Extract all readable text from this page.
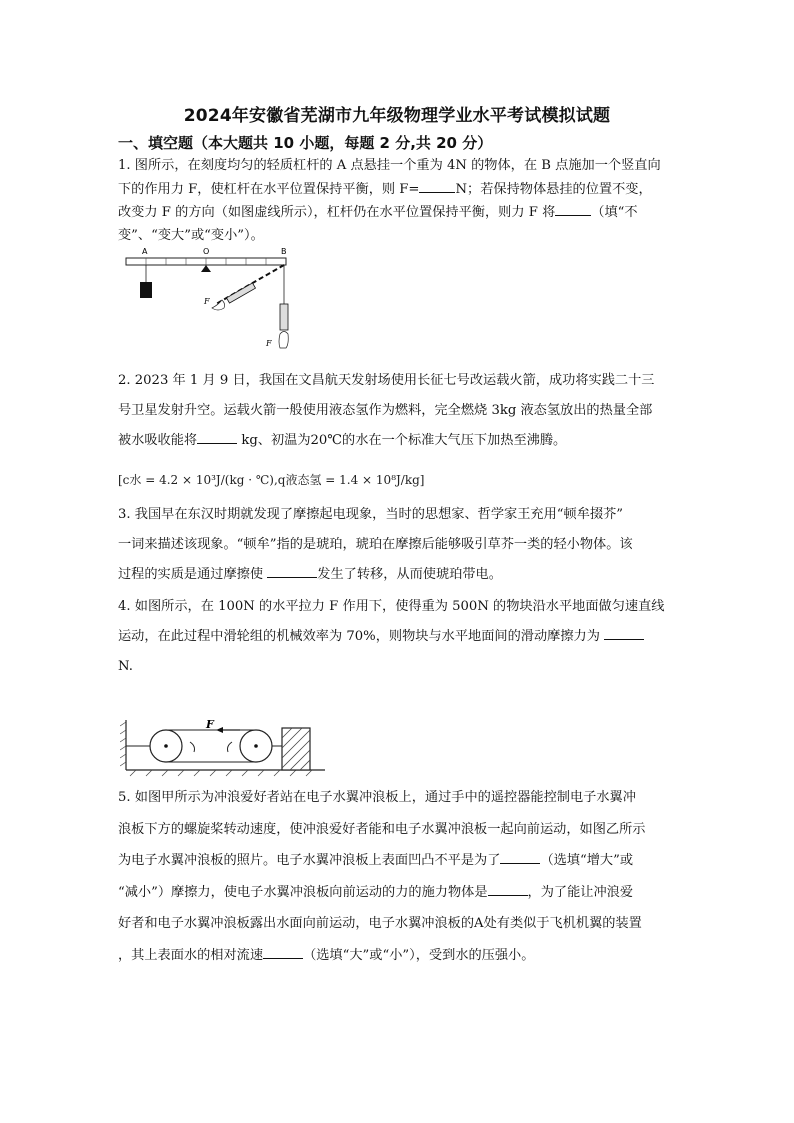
2024年安徽省芜湖市九年级物理学业水平考试模拟试题
一、填空题（本大题共 10 小题，每题 2 分,共 20 分）

1. 图所示，在刻度均匀的轻质杠杆的 A 点悬挂一个重为 4N 的物体，在 B 点施加一个竖直向

下的作用力 F，使杠杆在水平位置保持平衡，则 F=	N；若保持物体悬挂的位置不变，

改变力 F 的方向（如图虚线所示），杠杆仍在水平位置保持平衡，则力 F 将	（填“不

变”、“变大”或“变小”）。

A	O	B
F
F

2. 2023 年 1 月 9 日，我国在文昌航天发射场使用长征七号改运载火箭，成功将实践二十三

号卫星发射升空。运载火箭一般使用液态氢作为燃料，完全燃烧 3kg 液态氢放出的热量全部

被水吸收能将	kg、初温为20℃的水在一个标准大气压下加热至沸腾。

[c水 = 4.2 × 10³J/(kg · ℃),q液态氢 = 1.4 × 10⁸J/kg]

3. 我国早在东汉时期就发现了摩擦起电现象，当时的思想家、哲学家王充用“顿牟掇芥”

一词来描述该现象。“顿牟”指的是琥珀，琥珀在摩擦后能够吸引草芥一类的轻小物体。该

过程的实质是通过摩擦使	发生了转移，从而使琥珀带电。

4. 如图所示，在 100N 的水平拉力 F 作用下，使得重为 500N 的物块沿水平地面做匀速直线

运动，在此过程中滑轮组的机械效率为 70%，则物块与水平地面间的滑动摩擦力为

N.

F

5. 如图甲所示为冲浪爱好者站在电子水翼冲浪板上，通过手中的遥控器能控制电子水翼冲

浪板下方的螺旋桨转动速度，使冲浪爱好者能和电子水翼冲浪板一起向前运动，如图乙所示

为电子水翼冲浪板的照片。电子水翼冲浪板上表面凹凸不平是为了	（选填“增大”或

“减小”）摩擦力，使电子水翼冲浪板向前运动的力的施力物体是	，为了能让冲浪爱

好者和电子水翼冲浪板露出水面向前运动，电子水翼冲浪板的A处有类似于飞机机翼的装置

，其上表面水的相对流速	（选填“大”或“小”），受到水的压强小。
